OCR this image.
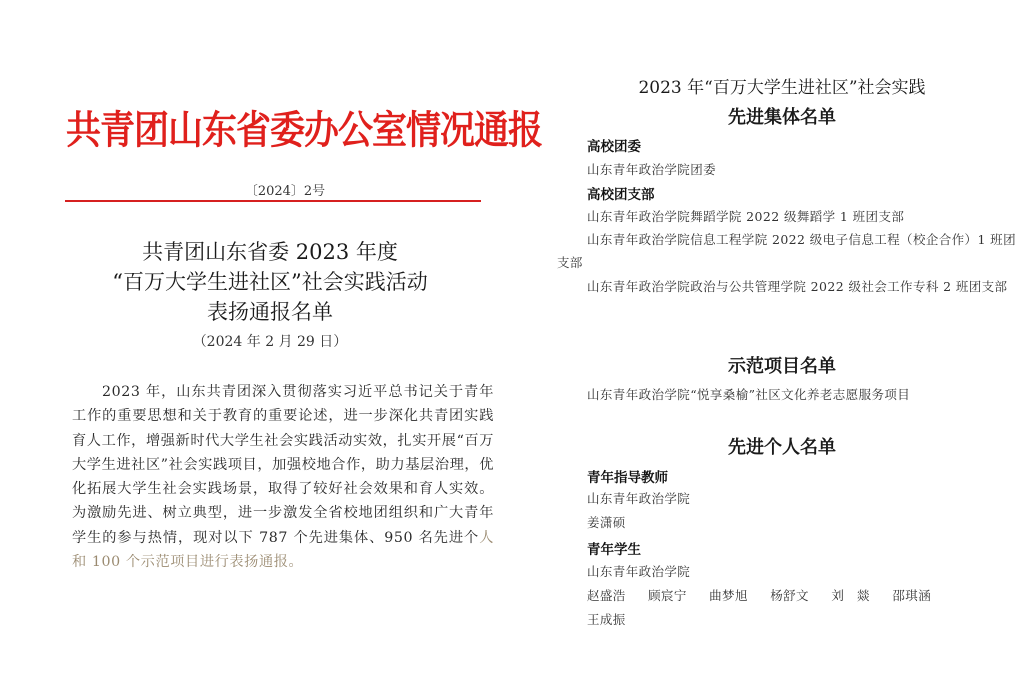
共青团山东省委办公室情况通报
〔2024〕2号
共青团山东省委 2023 年度
“百万大学生进社区”社会实践活动
表扬通报名单
（2024 年 2 月 29 日）
2023 年，山东共青团深入贯彻落实习近平总书记关于青年工作的重要思想和关于教育的重要论述，进一步深化共青团实践育人工作，增强新时代大学生社会实践活动实效，扎实开展“百万大学生进社区”社会实践项目，加强校地合作，助力基层治理，优化拓展大学生社会实践场景，取得了较好社会效果和育人实效。为激励先进、树立典型，进一步激发全省校地团组织和广大青年学生的参与热情，现对以下 787 个先进集体、950 名先进个人和 100 个示范项目进行表扬通报。
2023 年“百万大学生进社区”社会实践
先进集体名单
高校团委
山东青年政治学院团委
高校团支部
山东青年政治学院舞蹈学院 2022 级舞蹈学 1 班团支部
山东青年政治学院信息工程学院 2022 级电子信息工程（校企合作）1 班团支部
山东青年政治学院政治与公共管理学院 2022 级社会工作专科 2 班团支部
示范项目名单
山东青年政治学院“悦享桑榆”社区文化养老志愿服务项目
先进个人名单
青年指导教师
山东青年政治学院
姜潇硕
青年学生
山东青年政治学院
赵盛浩 顾宸宁 曲梦旭 杨舒文 刘　燚 邵琪涵
王成振
